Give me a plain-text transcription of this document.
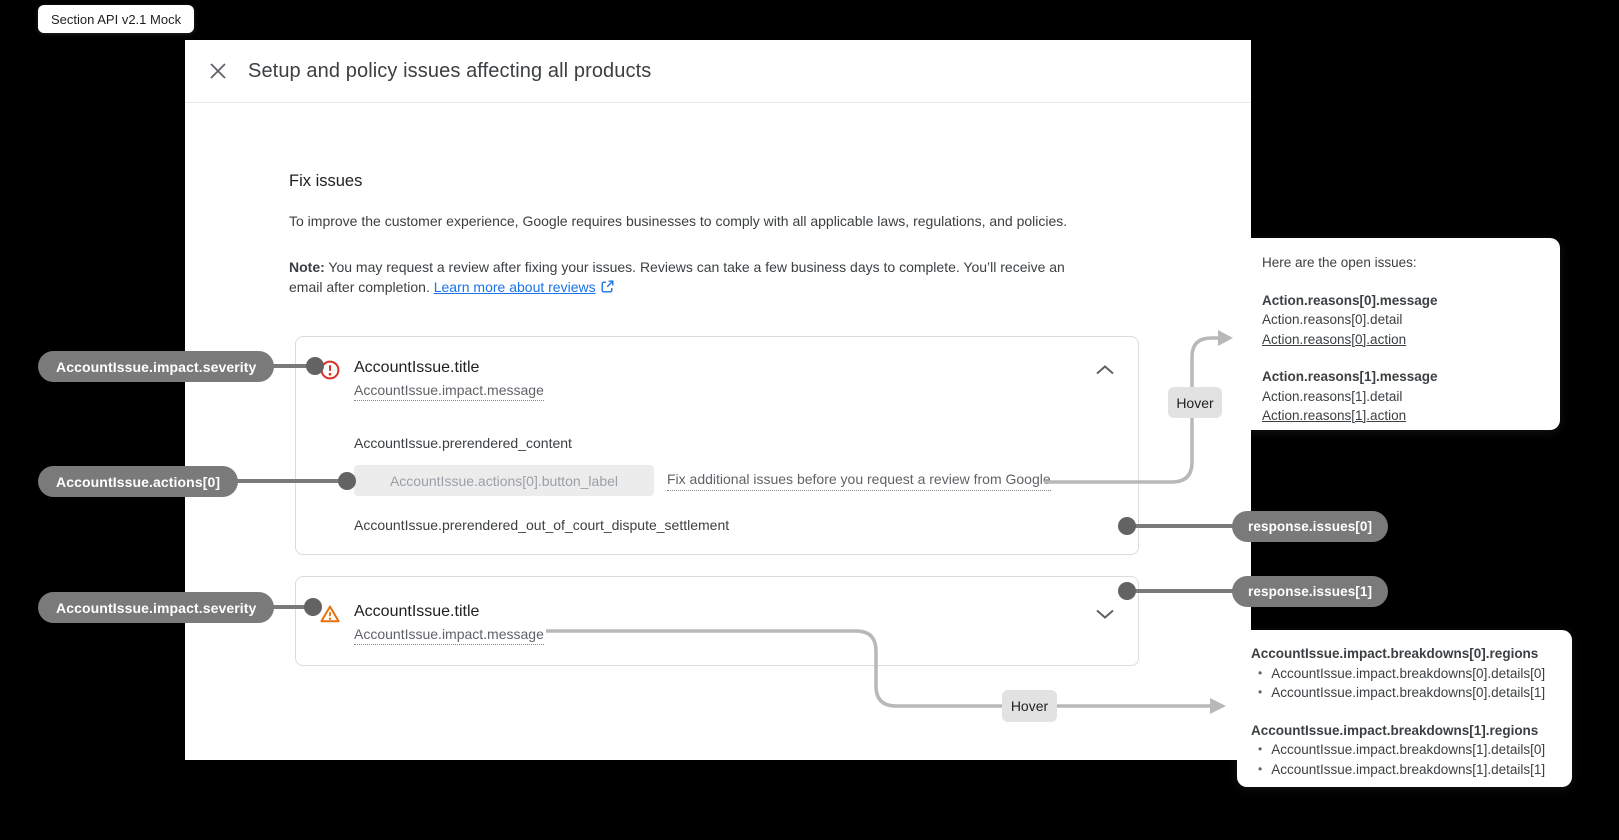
Section API v2.1 Mock
Setup and policy issues affecting all products
Fix issues
To improve the customer experience, Google requires businesses to comply with all applicable laws, regulations, and policies.
Note: You may request a review after fixing your issues. Reviews can take a few business days to complete. You’ll receive an email after completion. Learn more about reviews
AccountIssue.title
AccountIssue.impact.message
AccountIssue.prerendered_content
AccountIssue.actions[0].button_label	Fix additional issues before you request a review from Google
AccountIssue.prerendered_out_of_court_dispute_settlement
AccountIssue.title
AccountIssue.impact.message
AccountIssue.impact.severity
AccountIssue.actions[0]
AccountIssue.impact.severity
response.issues[0]
response.issues[1]
Hover
Hover
Here are the open issues:
Action.reasons[0].message
Action.reasons[0].detail
Action.reasons[0].action
Action.reasons[1].message
Action.reasons[1].detail
Action.reasons[1].action
AccountIssue.impact.breakdowns[0].regions
• AccountIssue.impact.breakdowns[0].details[0]
• AccountIssue.impact.breakdowns[0].details[1]
AccountIssue.impact.breakdowns[1].regions
• AccountIssue.impact.breakdowns[1].details[0]
• AccountIssue.impact.breakdowns[1].details[1]
